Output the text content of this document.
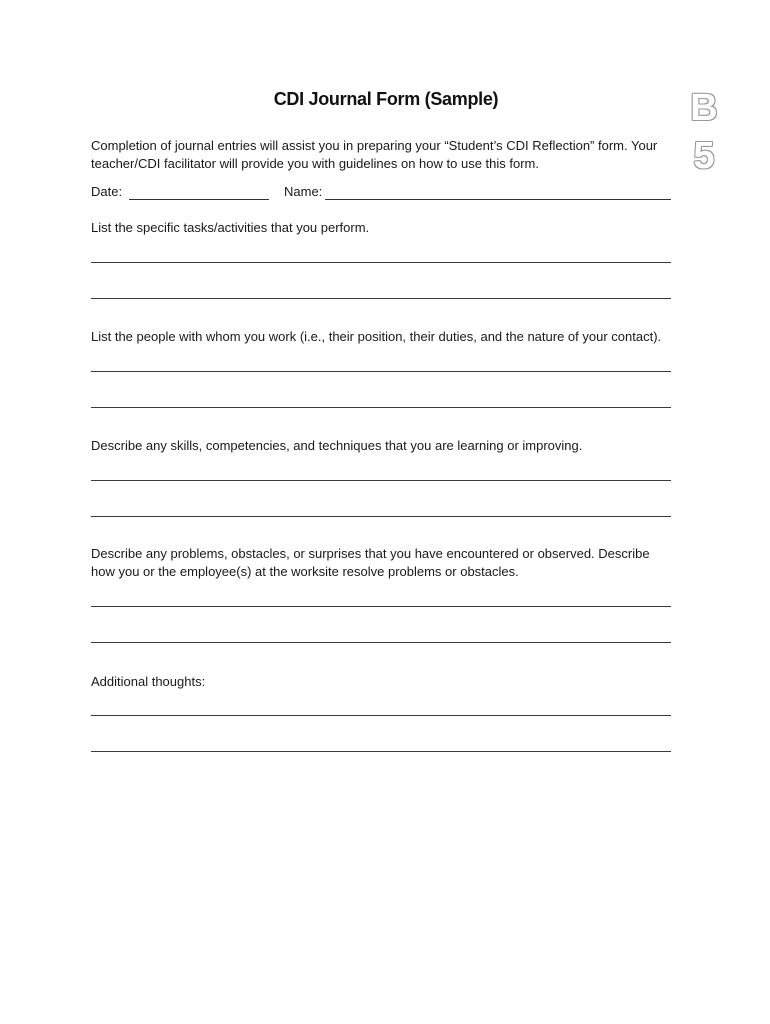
CDI Journal Form (Sample)	B
5

Completion of journal entries will assist you in preparing your “Student’s CDI Reflection” form. Your teacher/CDI facilitator will provide you with guidelines on how to use this form.

Date:	Name:

List the specific tasks/activities that you perform.

List the people with whom you work (i.e., their position, their duties, and the nature of your contact).

Describe any skills, competencies, and techniques that you are learning or improving.

Describe any problems, obstacles, or surprises that you have encountered or observed. Describe how you or the employee(s) at the worksite resolve problems or obstacles.

Additional thoughts:
